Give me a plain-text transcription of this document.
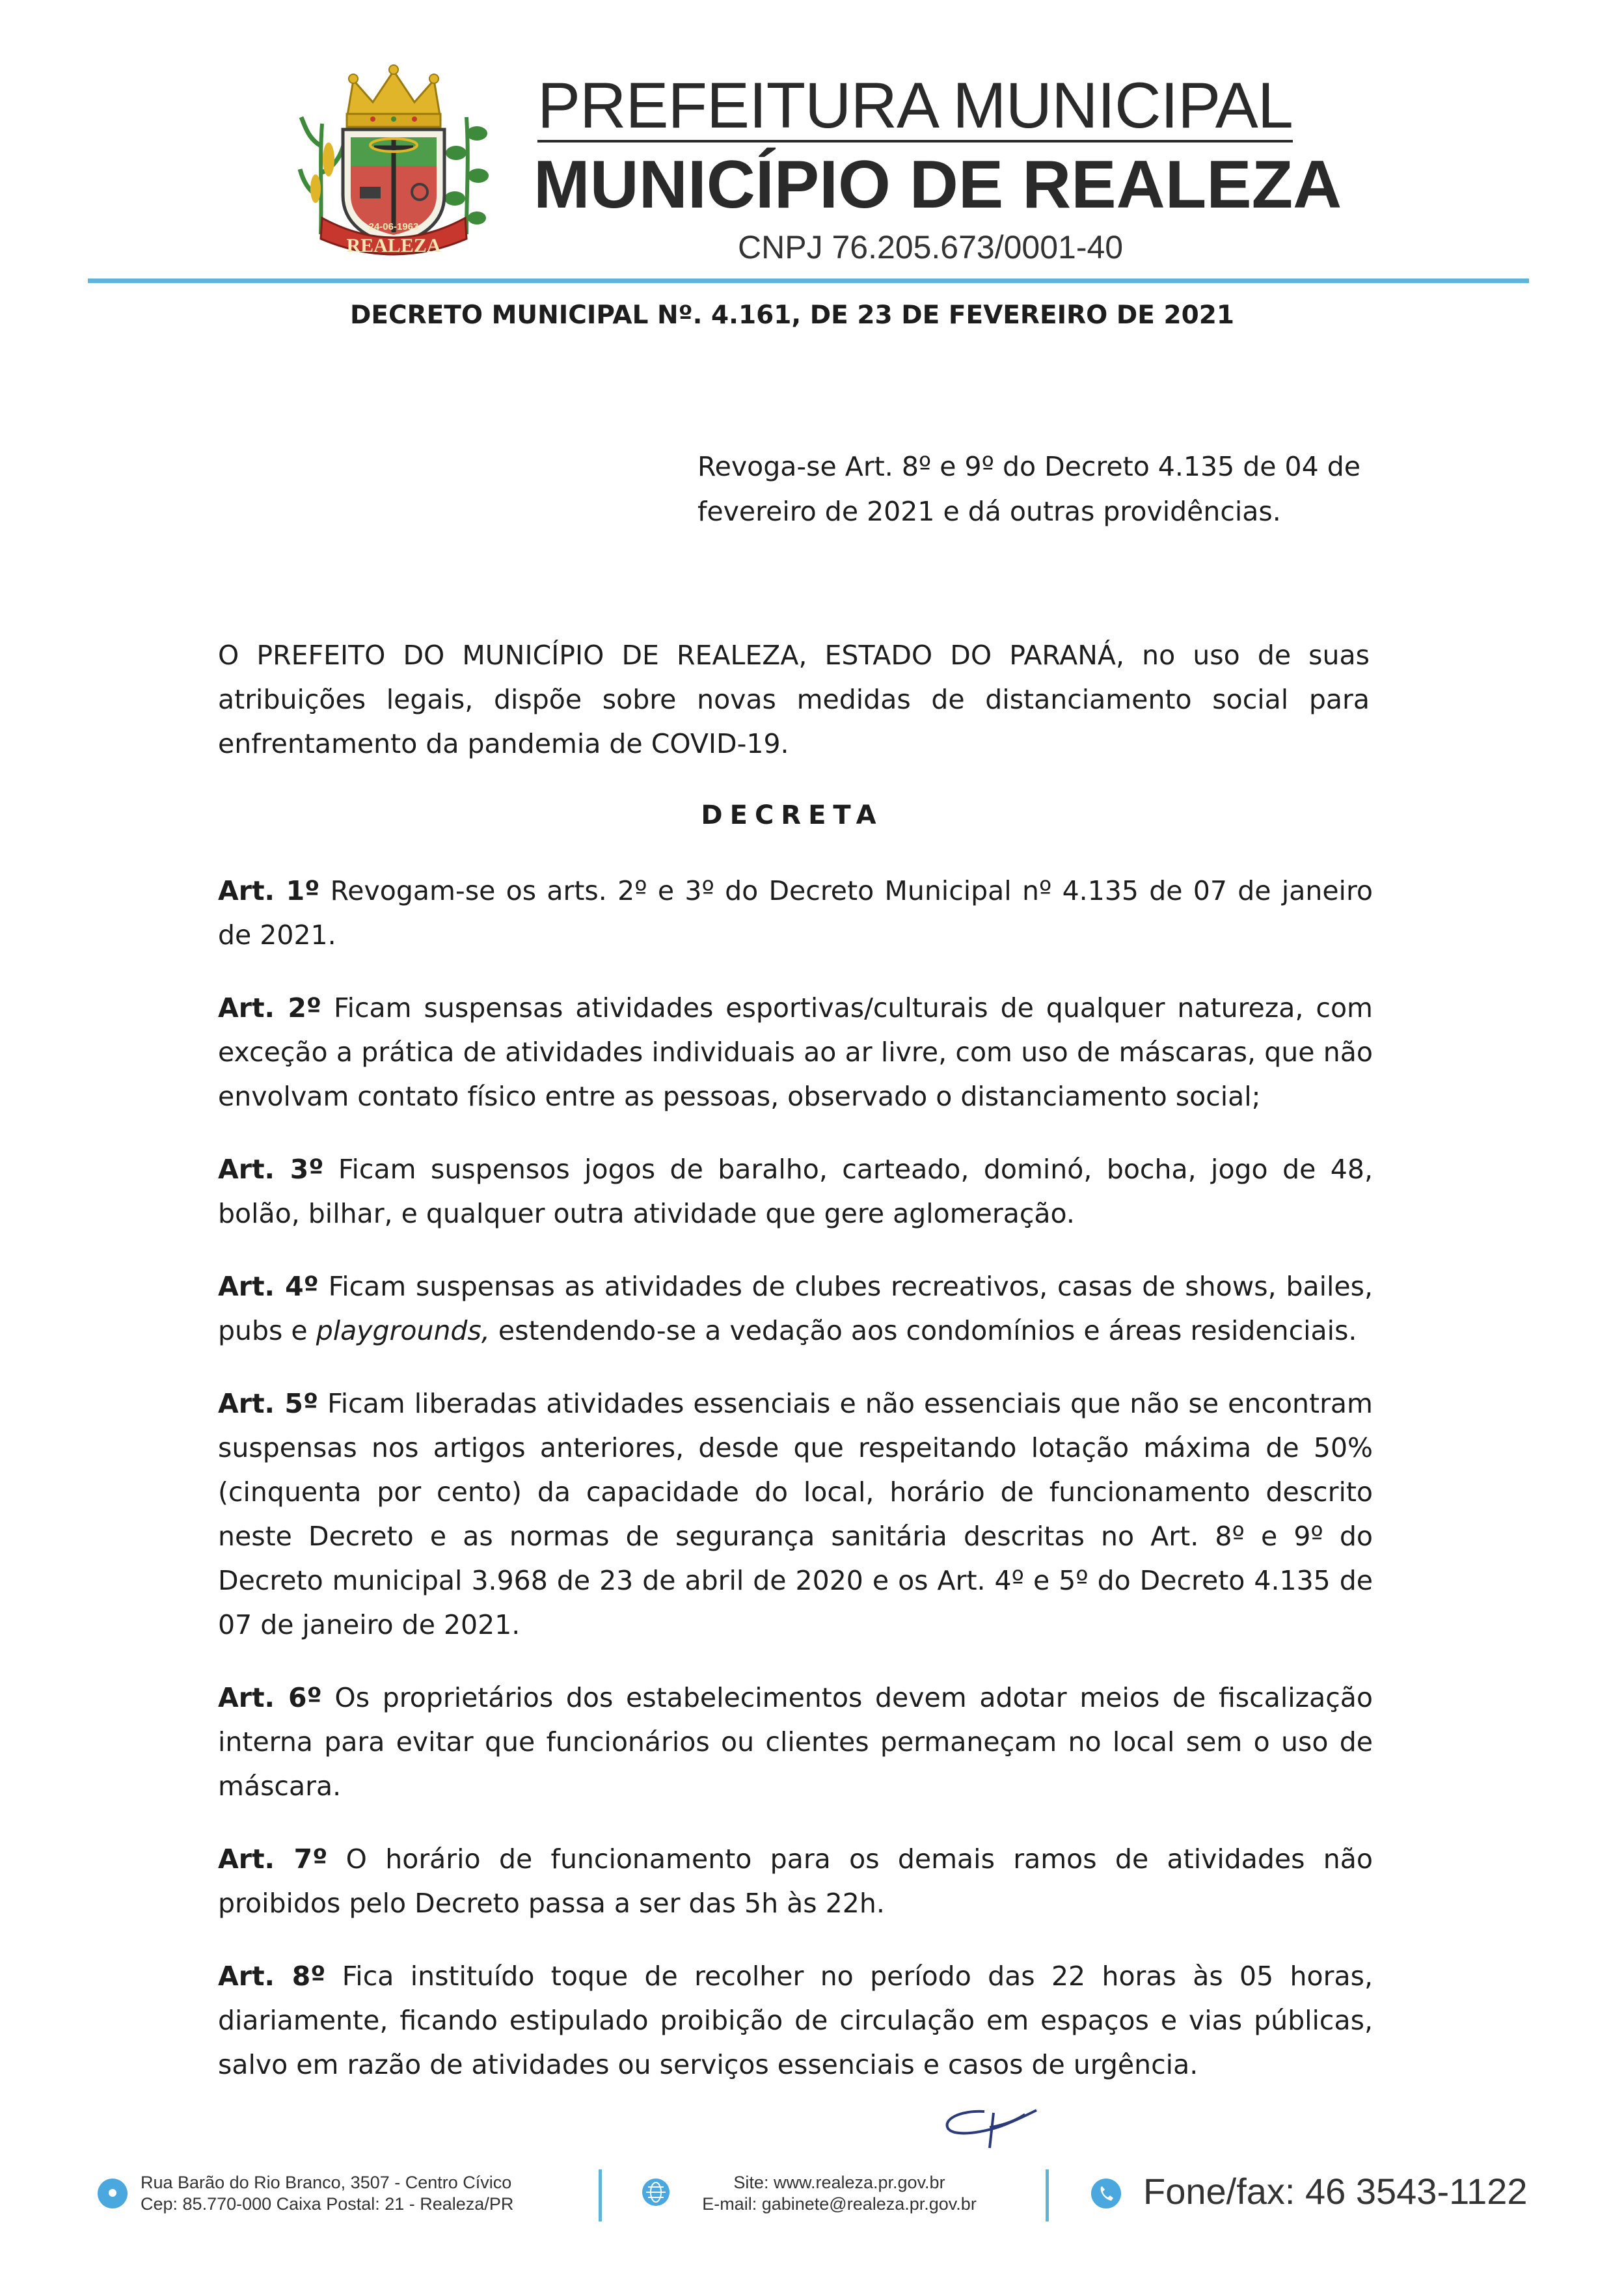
24-06-1963
REALEZA
PREFEITURA MUNICIPAL
MUNICÍPIO DE REALEZA
CNPJ 76.205.673/0001-40
DECRETO MUNICIPAL Nº. 4.161, DE 23 DE FEVEREIRO DE 2021
Revoga-se Art. 8º e 9º do Decreto 4.135 de 04 de fevereiro de 2021 e dá outras providências.

O PREFEITO DO MUNICÍPIO DE REALEZA, ESTADO DO PARANÁ, no uso de suas atribuições legais, dispõe sobre novas medidas de distanciamento social para enfrentamento da pandemia de COVID-19.

DECRETA

Art. 1º Revogam-se os arts. 2º e 3º do Decreto Municipal nº 4.135 de 07 de janeiro de 2021.

Art. 2º Ficam suspensas atividades esportivas/culturais de qualquer natureza, com exceção a prática de atividades individuais ao ar livre, com uso de máscaras, que não envolvam contato físico entre as pessoas, observado o distanciamento social;

Art. 3º Ficam suspensos jogos de baralho, carteado, dominó, bocha, jogo de 48, bolão, bilhar, e qualquer outra atividade que gere aglomeração.

Art. 4º Ficam suspensas as atividades de clubes recreativos, casas de shows, bailes, pubs e playgrounds, estendendo-se a vedação aos condomínios e áreas residenciais.

Art. 5º Ficam liberadas atividades essenciais e não essenciais que não se encontram suspensas nos artigos anteriores, desde que respeitando lotação máxima de 50% (cinquenta por cento) da capacidade do local, horário de funcionamento descrito neste Decreto e as normas de segurança sanitária descritas no Art. 8º e 9º do Decreto municipal 3.968 de 23 de abril de 2020 e os Art. 4º e 5º do Decreto 4.135 de 07 de janeiro de 2021.

Art. 6º Os proprietários dos estabelecimentos devem adotar meios de fiscalização interna para evitar que funcionários ou clientes permaneçam no local sem o uso de máscara.

Art. 7º O horário de funcionamento para os demais ramos de atividades não proibidos pelo Decreto passa a ser das 5h às 22h.

Art. 8º Fica instituído toque de recolher no período das 22 horas às 05 horas, diariamente, ficando estipulado proibição de circulação em espaços e vias públicas, salvo em razão de atividades ou serviços essenciais e casos de urgência.

Rua Barão do Rio Branco, 3507 - Centro Cívico
Cep: 85.770-000 Caixa Postal: 21 - Realeza/PR
Site: www.realeza.pr.gov.br
E-mail: gabinete@realeza.pr.gov.br	Fone/fax: 46 3543-1122
